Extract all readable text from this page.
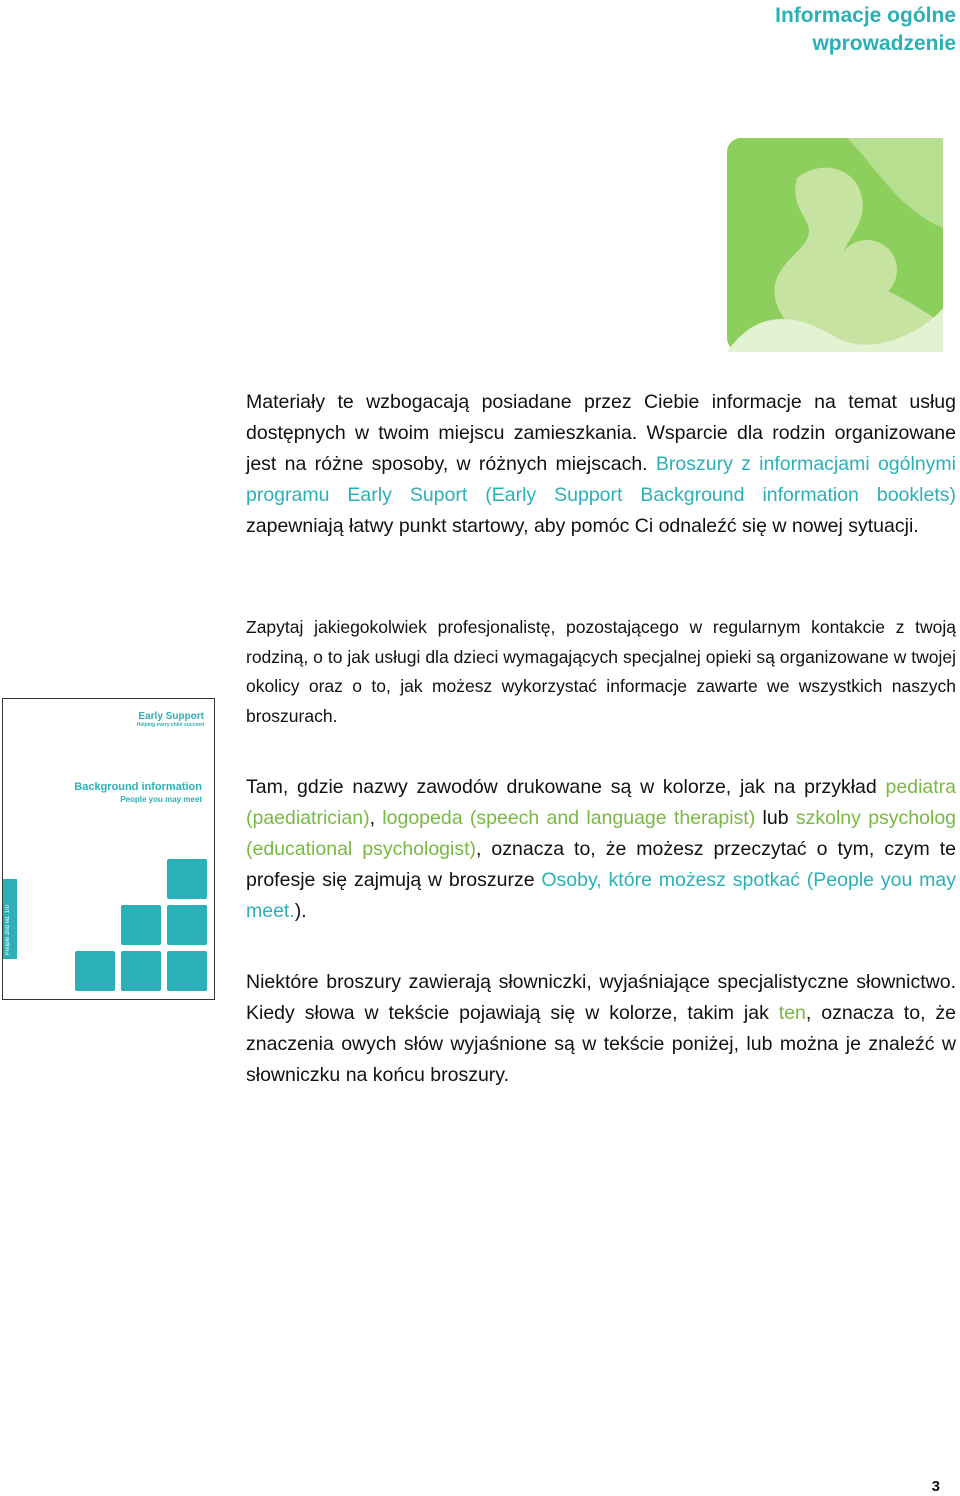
Informacje ogólne wprowadzenie

Materiały te wzbogacają posiadane przez Ciebie informacje na temat usług dostępnych w twoim miejscu zamieszkania. Wsparcie dla rodzin organizowane jest na różne sposoby, w różnych miejscach. Broszury z informacjami ogólnymi programu Early Suport (Early Support Background information booklets) zapewniają łatwy punkt startowy, aby pomóc Ci odnaleźć się w nowej sytuacji.

Zapytaj jakiegokolwiek profesjonalistę, pozostającego w regularnym kontakcie z twoją rodziną, o to jak usługi dla dzieci wymagających specjalnej opieki są organizowane w twojej okolicy oraz o to, jak możesz wykorzystać informacje zawarte we wszystkich naszych broszurach.

Early Support
Helping every child succeed
Background information
People you may meet
People 2nd ed. 1/0

Tam, gdzie nazwy zawodów drukowane są w kolorze, jak na przykład pediatra (paediatrician), logopeda (speech and language therapist) lub szkolny psycholog (educational psychologist), oznacza to, że możesz przeczytać o tym, czym te profesje się zajmują w broszurze Osoby, które możesz spotkać (People you may meet.).

Niektóre broszury zawierają słowniczki, wyjaśniające specjalistyczne słownictwo. Kiedy słowa w tekście pojawiają się w kolorze, takim jak ten, oznacza to, że znaczenia owych słów wyjaśnione są w tekście poniżej, lub można je znaleźć w słowniczku na końcu broszury.

3
